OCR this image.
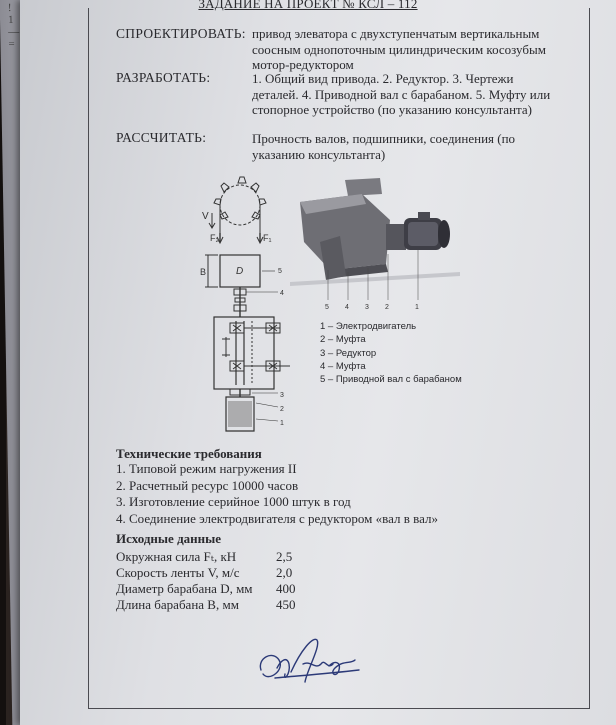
!
1
—
=
ЗАДАНИЕ НА ПРОЕКТ № КСЛ – 112
СПРОЕКТИРОВАТЬ: привод элеватора с двухступенчатым вертикальным соосным однопоточным цилиндрическим косозубым мотор-редуктором
РАЗРАБОТАТЬ:	1. Общий вид привода. 2. Редуктор. 3. Чертежи деталей. 4. Приводной вал с барабаном. 5. Муфту или стопорное устройство (по указанию консультанта)
РАССЧИТАТЬ:	Прочность валов, подшипники, соединения (по указанию консультанта)
V
F₂	F₁
B	D	5
4
3
2
1
5 4 3 2	1
1 – Электродвигатель
2 – Муфта
3 – Редуктор
4 – Муфта
5 – Приводной вал с барабаном
Технические требования
1. Типовой режим нагружения II
2. Расчетный ресурс 10000 часов
3. Изготовление серийное 1000 штук в год
4. Соединение электродвигателя с редуктором «вал в вал»
Исходные данные
Окружная сила Fₜ, кН	2,5
Скорость ленты V, м/с	2,0
Диаметр барабана D, мм 400
Длина барабана B, мм	450
